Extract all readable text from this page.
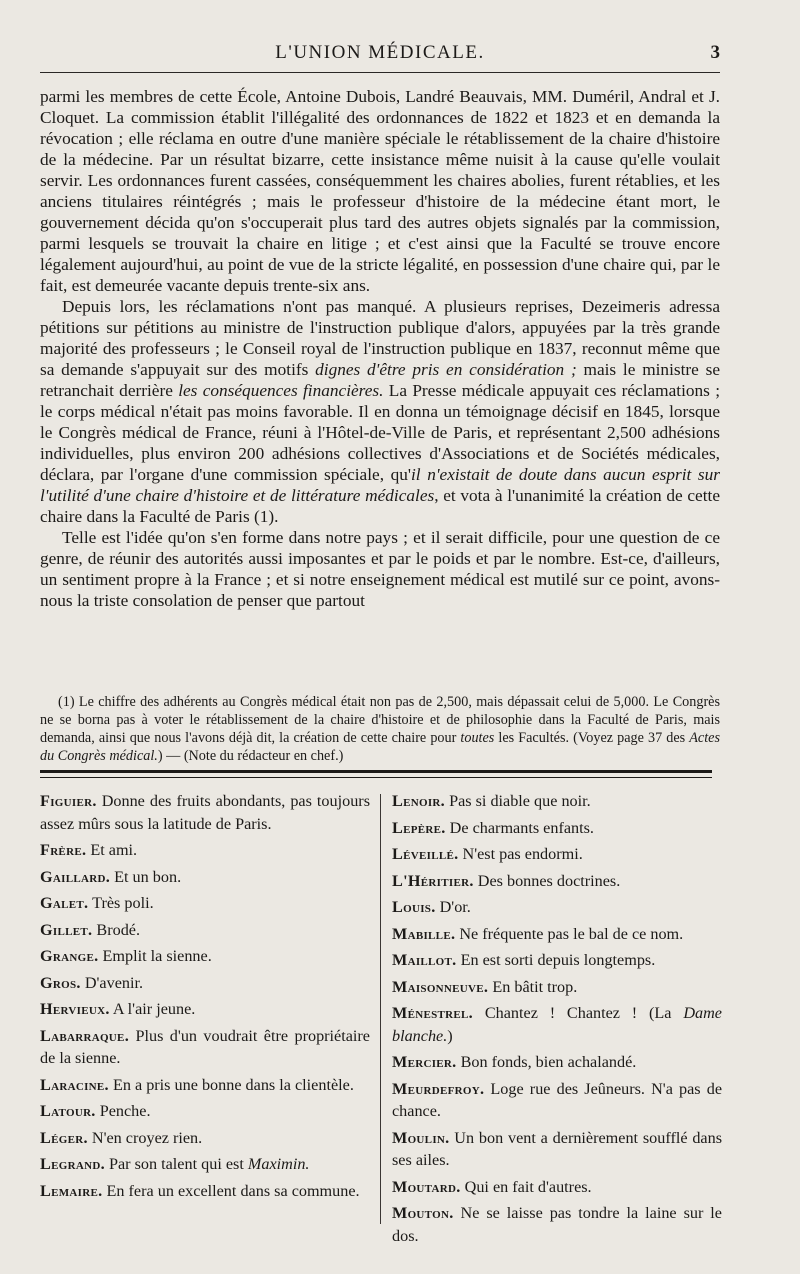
L'UNION MÉDICALE.	3

parmi les membres de cette École, Antoine Dubois, Landré Beauvais, MM. Duméril, Andral et J. Cloquet. La commission établit l'illégalité des ordonnances de 1822 et 1823 et en demanda la révocation ; elle réclama en outre d'une manière spéciale le rétablissement de la chaire d'histoire de la médecine. Par un résultat bizarre, cette insistance même nuisit à la cause qu'elle voulait servir. Les ordonnances furent cassées, conséquemment les chaires abolies, furent rétablies, et les anciens titulaires réintégrés ; mais le professeur d'histoire de la médecine étant mort, le gouvernement décida qu'on s'occuperait plus tard des autres objets signalés par la commission, parmi lesquels se trouvait la chaire en litige ; et c'est ainsi que la Faculté se trouve encore légalement aujourd'hui, au point de vue de la stricte légalité, en possession d'une chaire qui, par le fait, est demeurée vacante depuis trente-six ans.

Depuis lors, les réclamations n'ont pas manqué. A plusieurs reprises, Dezeimeris adressa pétitions sur pétitions au ministre de l'instruction publique d'alors, appuyées par la très grande majorité des professeurs ; le Conseil royal de l'instruction publique en 1837, reconnut même que sa demande s'appuyait sur des motifs dignes d'être pris en considération ; mais le ministre se retranchait derrière les conséquences financières. La Presse médicale appuyait ces réclamations ; le corps médical n'était pas moins favorable. Il en donna un témoignage décisif en 1845, lorsque le Congrès médical de France, réuni à l'Hôtel-de-Ville de Paris, et représentant 2,500 adhésions individuelles, plus environ 200 adhésions collectives d'Associations et de Sociétés médicales, déclara, par l'organe d'une commission spéciale, qu'il n'existait de doute dans aucun esprit sur l'utilité d'une chaire d'histoire et de littérature médicales, et vota à l'unanimité la création de cette chaire dans la Faculté de Paris (1).

Telle est l'idée qu'on s'en forme dans notre pays ; et il serait difficile, pour une question de ce genre, de réunir des autorités aussi imposantes et par le poids et par le nombre. Est-ce, d'ailleurs, un sentiment propre à la France ; et si notre enseignement médical est mutilé sur ce point, avons-nous la triste consolation de penser que partout

(1) Le chiffre des adhérents au Congrès médical était non pas de 2,500, mais dépassait celui de 5,000. Le Congrès ne se borna pas à voter le rétablissement de la chaire d'histoire et de philosophie dans la Faculté de Paris, mais demanda, ainsi que nous l'avons déjà dit, la création de cette chaire pour toutes les Facultés. (Voyez page 37 des Actes du Congrès médical.) — (Note du rédacteur en chef.)

Figuier. Donne des fruits abondants, pas toujours assez mûrs sous la latitude de Paris.

Frère. Et ami.

Gaillard. Et un bon.

Galet. Très poli.

Gillet. Brodé.

Grange. Emplit la sienne.

Gros. D'avenir.

Hervieux. A l'air jeune.

Labarraque. Plus d'un voudrait être propriétaire de la sienne.

Laracine. En a pris une bonne dans la clientèle.

Latour. Penche.

Léger. N'en croyez rien.

Legrand. Par son talent qui est Maximin.

Lemaire. En fera un excellent dans sa commune.

Lenoir. Pas si diable que noir.

Lepère. De charmants enfants.

Léveillé. N'est pas endormi.

L'Héritier. Des bonnes doctrines.

Louis. D'or.

Mabille. Ne fréquente pas le bal de ce nom.

Maillot. En est sorti depuis longtemps.

Maisonneuve. En bâtit trop.

Ménestrel. Chantez ! Chantez ! (La Dame blanche.)

Mercier. Bon fonds, bien achalandé.

Meurdefroy. Loge rue des Jeûneurs. N'a pas de chance.

Moulin. Un bon vent a dernièrement soufflé dans ses ailes.

Moutard. Qui en fait d'autres.

Mouton. Ne se laisse pas tondre la laine sur le dos.
